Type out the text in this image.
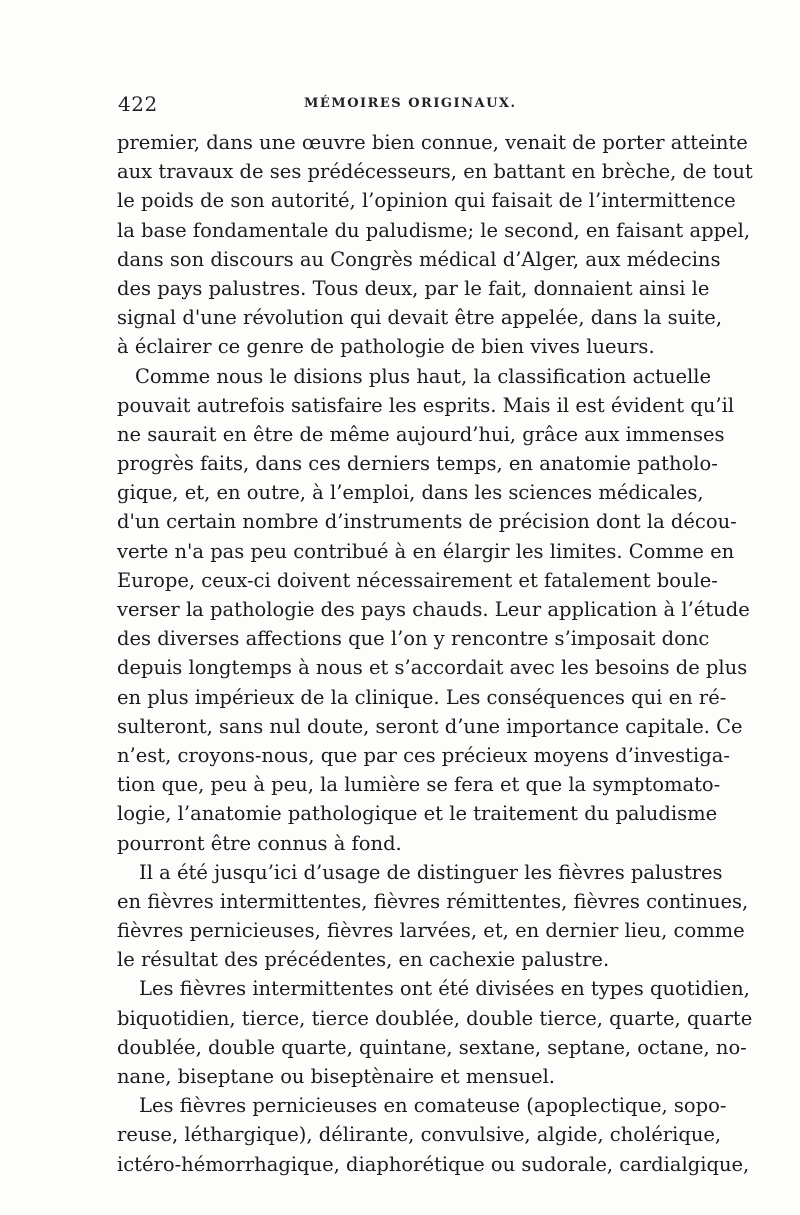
422	MÉMOIRES ORIGINAUX.
premier, dans une œuvre bien connue, venait de porter atteinte
aux travaux de ses prédécesseurs, en battant en brèche, de tout
le poids de son autorité, l’opinion qui faisait de l’intermittence
la base fondamentale du paludisme; le second, en faisant appel,
dans son discours au Congrès médical d’Alger, aux médecins
des pays palustres. Tous deux, par le fait, donnaient ainsi le
signal d'une révolution qui devait être appelée, dans la suite,
à éclairer ce genre de pathologie de bien vives lueurs.
Comme nous le disions plus haut, la classification actuelle
pouvait autrefois satisfaire les esprits. Mais il est évident qu’il
ne saurait en être de même aujourd’hui, grâce aux immenses
progrès faits, dans ces derniers temps, en anatomie patholo-
gique, et, en outre, à l’emploi, dans les sciences médicales,
d'un certain nombre d’instruments de précision dont la décou-
verte n'a pas peu contribué à en élargir les limites. Comme en
Europe, ceux-ci doivent nécessairement et fatalement boule-
verser la pathologie des pays chauds. Leur application à l’étude
des diverses affections que l’on y rencontre s’imposait donc
depuis longtemps à nous et s’accordait avec les besoins de plus
en plus impérieux de la clinique. Les conséquences qui en ré-
sulteront, sans nul doute, seront d’une importance capitale. Ce
n’est, croyons-nous, que par ces précieux moyens d’investiga-
tion que, peu à peu, la lumière se fera et que la symptomato-
logie, l’anatomie pathologique et le traitement du paludisme
pourront être connus à fond.
Il a été jusqu’ici d’usage de distinguer les fièvres palustres
en fièvres intermittentes, fièvres rémittentes, fièvres continues,
fièvres pernicieuses, fièvres larvées, et, en dernier lieu, comme
le résultat des précédentes, en cachexie palustre.
Les fièvres intermittentes ont été divisées en types quotidien,
biquotidien, tierce, tierce doublée, double tierce, quarte, quarte
doublée, double quarte, quintane, sextane, septane, octane, no-
nane, biseptane ou biseptènaire et mensuel.
Les fièvres pernicieuses en comateuse (apoplectique, sopo-
reuse, léthargique), délirante, convulsive, algide, cholérique,
ictéro-hémorrhagique, diaphorétique ou sudorale, cardialgique,
